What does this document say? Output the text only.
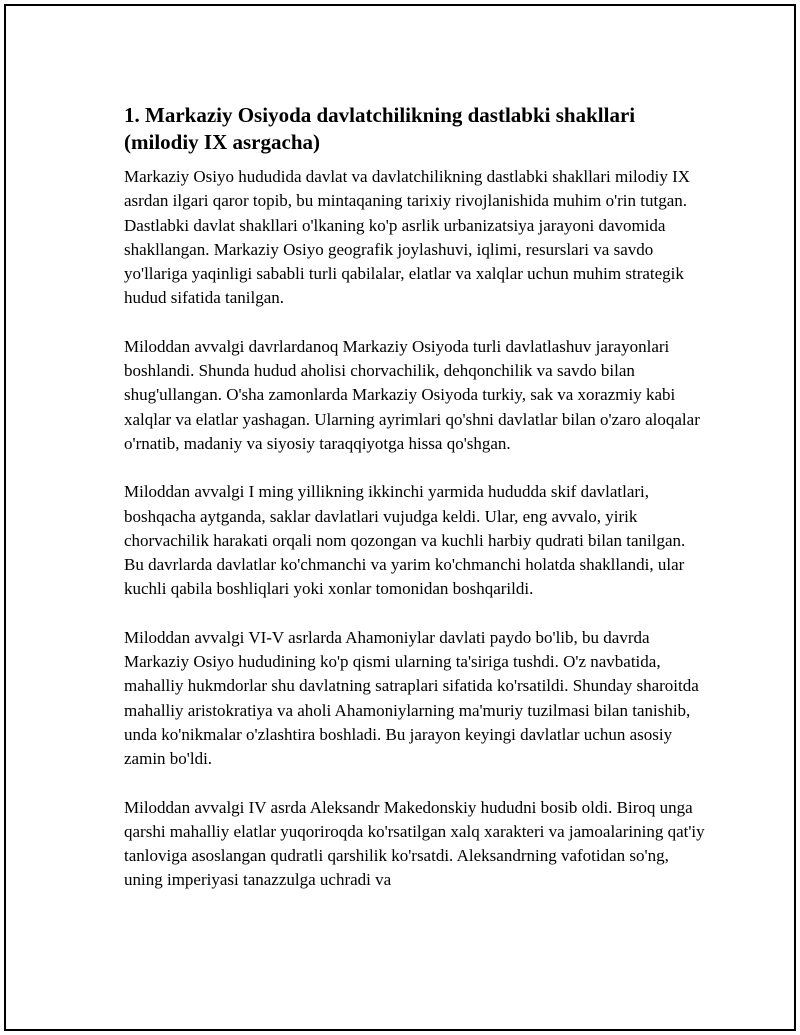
1. Markaziy Osiyoda davlatchilikning dastlabki shakllari (milodiy IX asrgacha)

Markaziy Osiyo hududida davlat va davlatchilikning dastlabki shakllari milodiy IX asrdan ilgari qaror topib, bu mintaqaning tarixiy rivojlanishida muhim o'rin tutgan. Dastlabki davlat shakllari o'lkaning ko'p asrlik urbanizatsiya jarayoni davomida shakllangan. Markaziy Osiyo geografik joylashuvi, iqlimi, resurslari va savdo yo'llariga yaqinligi sababli turli qabilalar, elatlar va xalqlar uchun muhim strategik hudud sifatida tanilgan.

Miloddan avvalgi davrlardanoq Markaziy Osiyoda turli davlatlashuv jarayonlari boshlandi. Shunda hudud aholisi chorvachilik, dehqonchilik va savdo bilan shug'ullangan. O'sha zamonlarda Markaziy Osiyoda turkiy, sak va xorazmiy kabi xalqlar va elatlar yashagan. Ularning ayrimlari qo'shni davlatlar bilan o'zaro aloqalar o'rnatib, madaniy va siyosiy taraqqiyotga hissa qo'shgan.

Miloddan avvalgi I ming yillikning ikkinchi yarmida hududda skif davlatlari, boshqacha aytganda, saklar davlatlari vujudga keldi. Ular, eng avvalo, yirik chorvachilik harakati orqali nom qozongan va kuchli harbiy qudrati bilan tanilgan. Bu davrlarda davlatlar ko'chmanchi va yarim ko'chmanchi holatda shakllandi, ular kuchli qabila boshliqlari yoki xonlar tomonidan boshqarildi.

Miloddan avvalgi VI-V asrlarda Ahamoniylar davlati paydo bo'lib, bu davrda Markaziy Osiyo hududining ko'p qismi ularning ta'siriga tushdi. O'z navbatida, mahalliy hukmdorlar shu davlatning satraplari sifatida ko'rsatildi. Shunday sharoitda mahalliy aristokratiya va aholi Ahamoniylarning ma'muriy tuzilmasi bilan tanishib, unda ko'nikmalar o'zlashtira boshladi. Bu jarayon keyingi davlatlar uchun asosiy zamin bo'ldi.

Miloddan avvalgi IV asrda Aleksandr Makedonskiy hududni bosib oldi. Biroq unga qarshi mahalliy elatlar yuqoriroqda ko'rsatilgan xalq xarakteri va jamoalarining qat'iy tanloviga asoslangan qudratli qarshilik ko'rsatdi. Aleksandrning vafotidan so'ng, uning imperiyasi tanazzulga uchradi va
